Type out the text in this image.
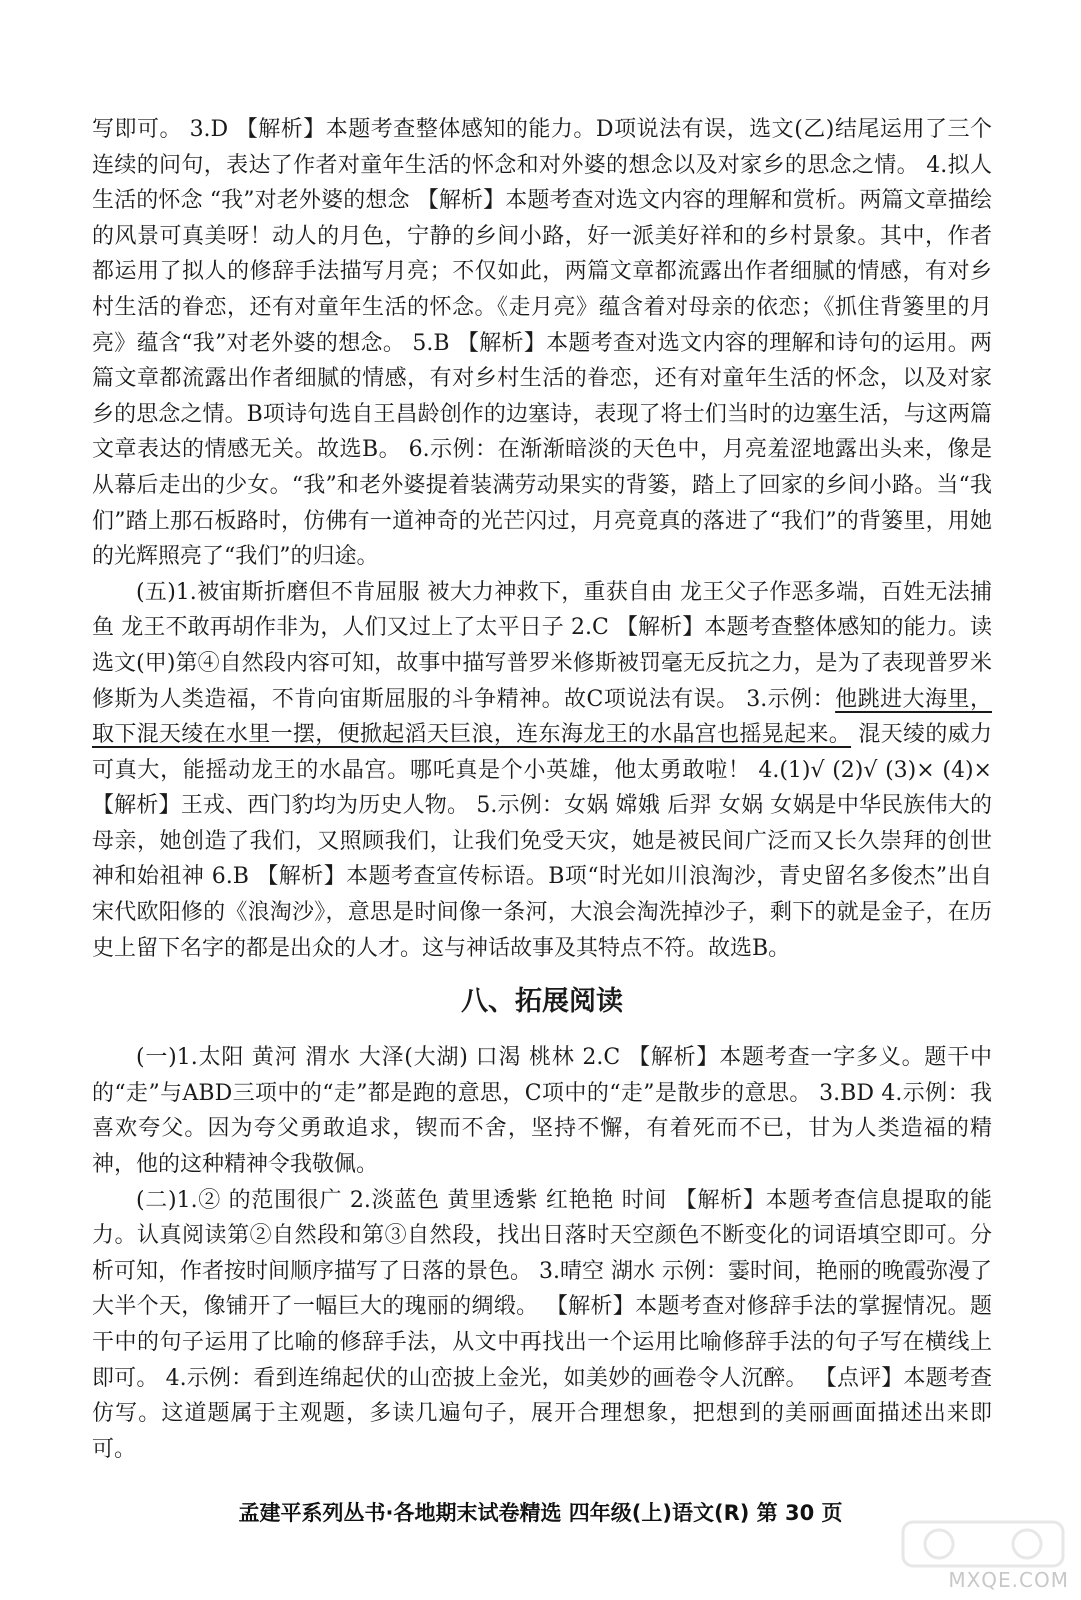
写即可。 3.D 【解析】本题考查整体感知的能力。D项说法有误，选文(乙)结尾运用了三个连续的问句，表达了作者对童年生活的怀念和对外婆的想念以及对家乡的思念之情。 4.拟人 生活的怀念 “我”对老外婆的想念 【解析】本题考查对选文内容的理解和赏析。两篇文章描绘的风景可真美呀！动人的月色，宁静的乡间小路，好一派美好祥和的乡村景象。其中，作者都运用了拟人的修辞手法描写月亮；不仅如此，两篇文章都流露出作者细腻的情感，有对乡村生活的眷恋，还有对童年生活的怀念。《走月亮》蕴含着对母亲的依恋；《抓住背篓里的月亮》蕴含“我”对老外婆的想念。 5.B 【解析】本题考查对选文内容的理解和诗句的运用。两篇文章都流露出作者细腻的情感，有对乡村生活的眷恋，还有对童年生活的怀念，以及对家乡的思念之情。B项诗句选自王昌龄创作的边塞诗，表现了将士们当时的边塞生活，与这两篇文章表达的情感无关。故选B。 6.示例：在渐渐暗淡的天色中，月亮羞涩地露出头来，像是从幕后走出的少女。“我”和老外婆提着装满劳动果实的背篓，踏上了回家的乡间小路。当“我们”踏上那石板路时，仿佛有一道神奇的光芒闪过，月亮竟真的落进了“我们”的背篓里，用她的光辉照亮了“我们”的归途。

(五)1.被宙斯折磨但不肯屈服 被大力神救下，重获自由 龙王父子作恶多端，百姓无法捕鱼 龙王不敢再胡作非为，人们又过上了太平日子 2.C 【解析】本题考查整体感知的能力。读选文(甲)第④自然段内容可知，故事中描写普罗米修斯被罚毫无反抗之力，是为了表现普罗米修斯为人类造福，不肯向宙斯屈服的斗争精神。故C项说法有误。 3.示例：他跳进大海里，取下混天绫在水里一摆，便掀起滔天巨浪，连东海龙王的水晶宫也摇晃起来。 混天绫的威力可真大，能摇动龙王的水晶宫。哪吒真是个小英雄，他太勇敢啦！ 4.(1)√ (2)√ (3)× (4)× 【解析】王戎、西门豹均为历史人物。 5.示例：女娲 嫦娥 后羿 女娲 女娲是中华民族伟大的母亲，她创造了我们，又照顾我们，让我们免受天灾，她是被民间广泛而又长久崇拜的创世神和始祖神 6.B 【解析】本题考查宣传标语。B项“时光如川浪淘沙，青史留名多俊杰”出自宋代欧阳修的《浪淘沙》，意思是时间像一条河，大浪会淘洗掉沙子，剩下的就是金子，在历史上留下名字的都是出众的人才。这与神话故事及其特点不符。故选B。

八、拓展阅读

(一)1.太阳 黄河 渭水 大泽(大湖) 口渴 桃林 2.C 【解析】本题考查一字多义。题干中的“走”与ABD三项中的“走”都是跑的意思，C项中的“走”是散步的意思。 3.BD 4.示例：我喜欢夸父。因为夸父勇敢追求，锲而不舍，坚持不懈，有着死而不已，甘为人类造福的精神，他的这种精神令我敬佩。

(二)1.② 的范围很广 2.淡蓝色 黄里透紫 红艳艳 时间 【解析】本题考查信息提取的能力。认真阅读第②自然段和第③自然段，找出日落时天空颜色不断变化的词语填空即可。分析可知，作者按时间顺序描写了日落的景色。 3.晴空 湖水 示例：霎时间，艳丽的晚霞弥漫了大半个天，像铺开了一幅巨大的瑰丽的绸缎。 【解析】本题考查对修辞手法的掌握情况。题干中的句子运用了比喻的修辞手法，从文中再找出一个运用比喻修辞手法的句子写在横线上即可。 4.示例：看到连绵起伏的山峦披上金光，如美妙的画卷令人沉醉。 【点评】本题考查仿写。这道题属于主观题，多读几遍句子，展开合理想象，把想到的美丽画面描述出来即可。

孟建平系列丛书·各地期末试卷精选 四年级(上)语文(R) 第 30 页
MXQE.COM
